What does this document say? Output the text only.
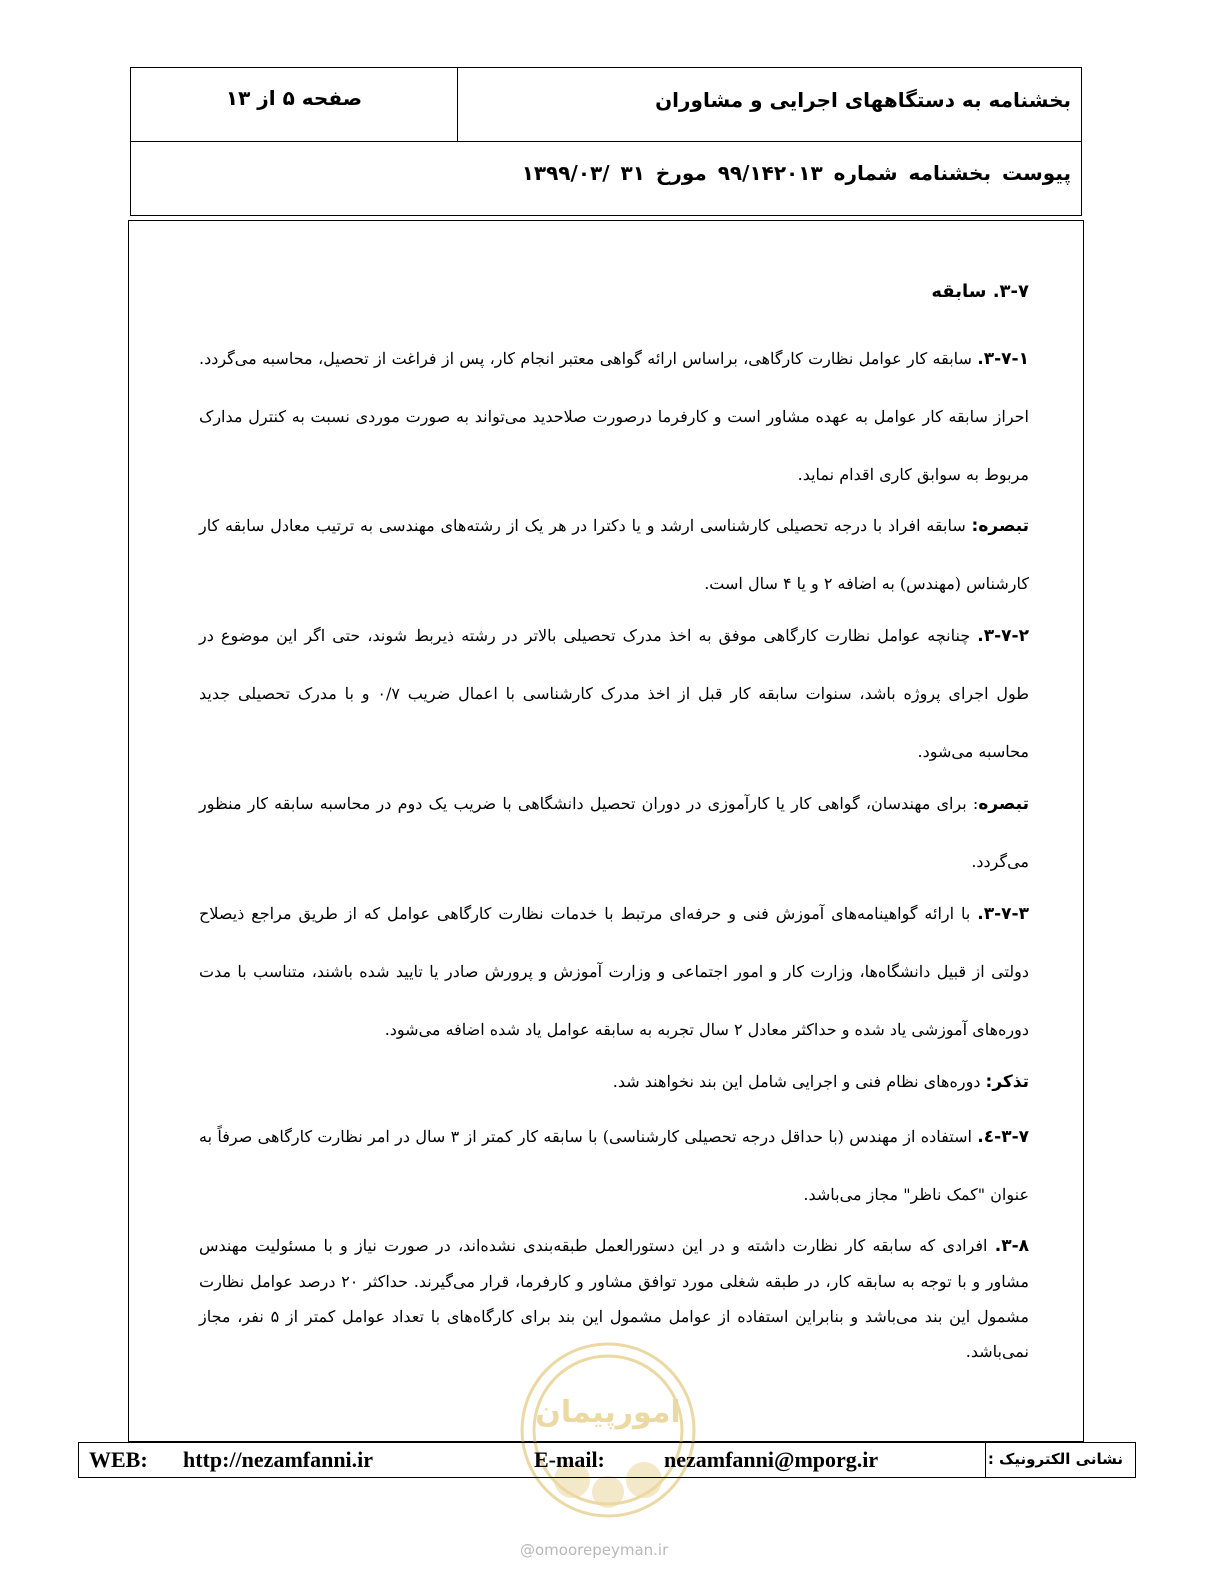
بخشنامه به دستگاههای اجرایی و مشاوران
صفحه ۵ از ۱۳
پیوست بخشنامه شماره ۹۹/۱۴۲۰۱۳ مورخ ۳۱ /۱۳۹۹/۰۳
۳-۷. سابقه

۳-۷-۱. سابقه کار عوامل نظارت کارگاهی، براساس ارائه گواهی معتبر انجام کار، پس از فراغت از تحصیل، محاسبه می‌گردد. احراز سابقه کار عوامل به عهده مشاور است و کارفرما درصورت صلاحدید می‌تواند به صورت موردی نسبت به کنترل مدارک مربوط به سوابق کاری اقدام نماید.

تبصره: سابقه افراد با درجه تحصیلی کارشناسی ارشد و یا دکترا در هر یک از رشته‌های مهندسی به ترتیب معادل سابقه کار کارشناس (مهندس) به اضافه ۲ و یا ۴ سال است.

۳-۷-۲. چنانچه عوامل نظارت کارگاهی موفق به اخذ مدرک تحصیلی بالاتر در رشته ذیربط شوند، حتی اگر این موضوع در طول اجرای پروژه باشد، سنوات سابقه کار قبل از اخذ مدرک کارشناسی با اعمال ضریب ۰/۷ و با مدرک تحصیلی جدید محاسبه می‌شود.

تبصره: برای مهندسان، گواهی کار یا کارآموزی در دوران تحصیل دانشگاهی با ضریب یک دوم در محاسبه سابقه کار منظور می‌گردد.

۳-۷-۳. با ارائه گواهینامه‌های آموزش فنی و حرفه‌ای مرتبط با خدمات نظارت کارگاهی عوامل که از طریق مراجع ذیصلاح دولتی از قبیل دانشگاه‌ها، وزارت کار و امور اجتماعی و وزارت آموزش و پرورش صادر یا تایید شده باشند، متناسب با مدت دوره‌های آموزشی یاد شده و حداکثر معادل ۲ سال تجربه به سابقه عوامل یاد شده اضافه می‌شود.

تذکر: دوره‌های نظام فنی و اجرایی شامل این بند نخواهند شد.

۳-۷-٤. استفاده از مهندس (با حداقل درجه تحصیلی کارشناسی) با سابقه کار کمتر از ۳ سال در امر نظارت کارگاهی صرفاً به عنوان "کمک ناظر" مجاز می‌باشد.

۳-۸. افرادی که سابقه کار نظارت داشته و در این دستورالعمل طبقه‌بندی نشده‌اند، در صورت نیاز و با مسئولیت مهندس مشاور و با توجه به سابقه کار، در طبقه شغلی مورد توافق مشاور و کارفرما، قرار می‌گیرند. حداکثر ۲۰ درصد عوامل نظارت مشمول این بند می‌باشد و بنابراین استفاده از عوامل مشمول این بند برای کارگاه‌های با تعداد عوامل کمتر از ۵ نفر، مجاز نمی‌باشد.

امورپیمان
WEB: http://nezamfanni.ir	E-mail:	nezamfanni@mporg.ir	نشانی الکترونیک :
@omoorepeyman.ir
